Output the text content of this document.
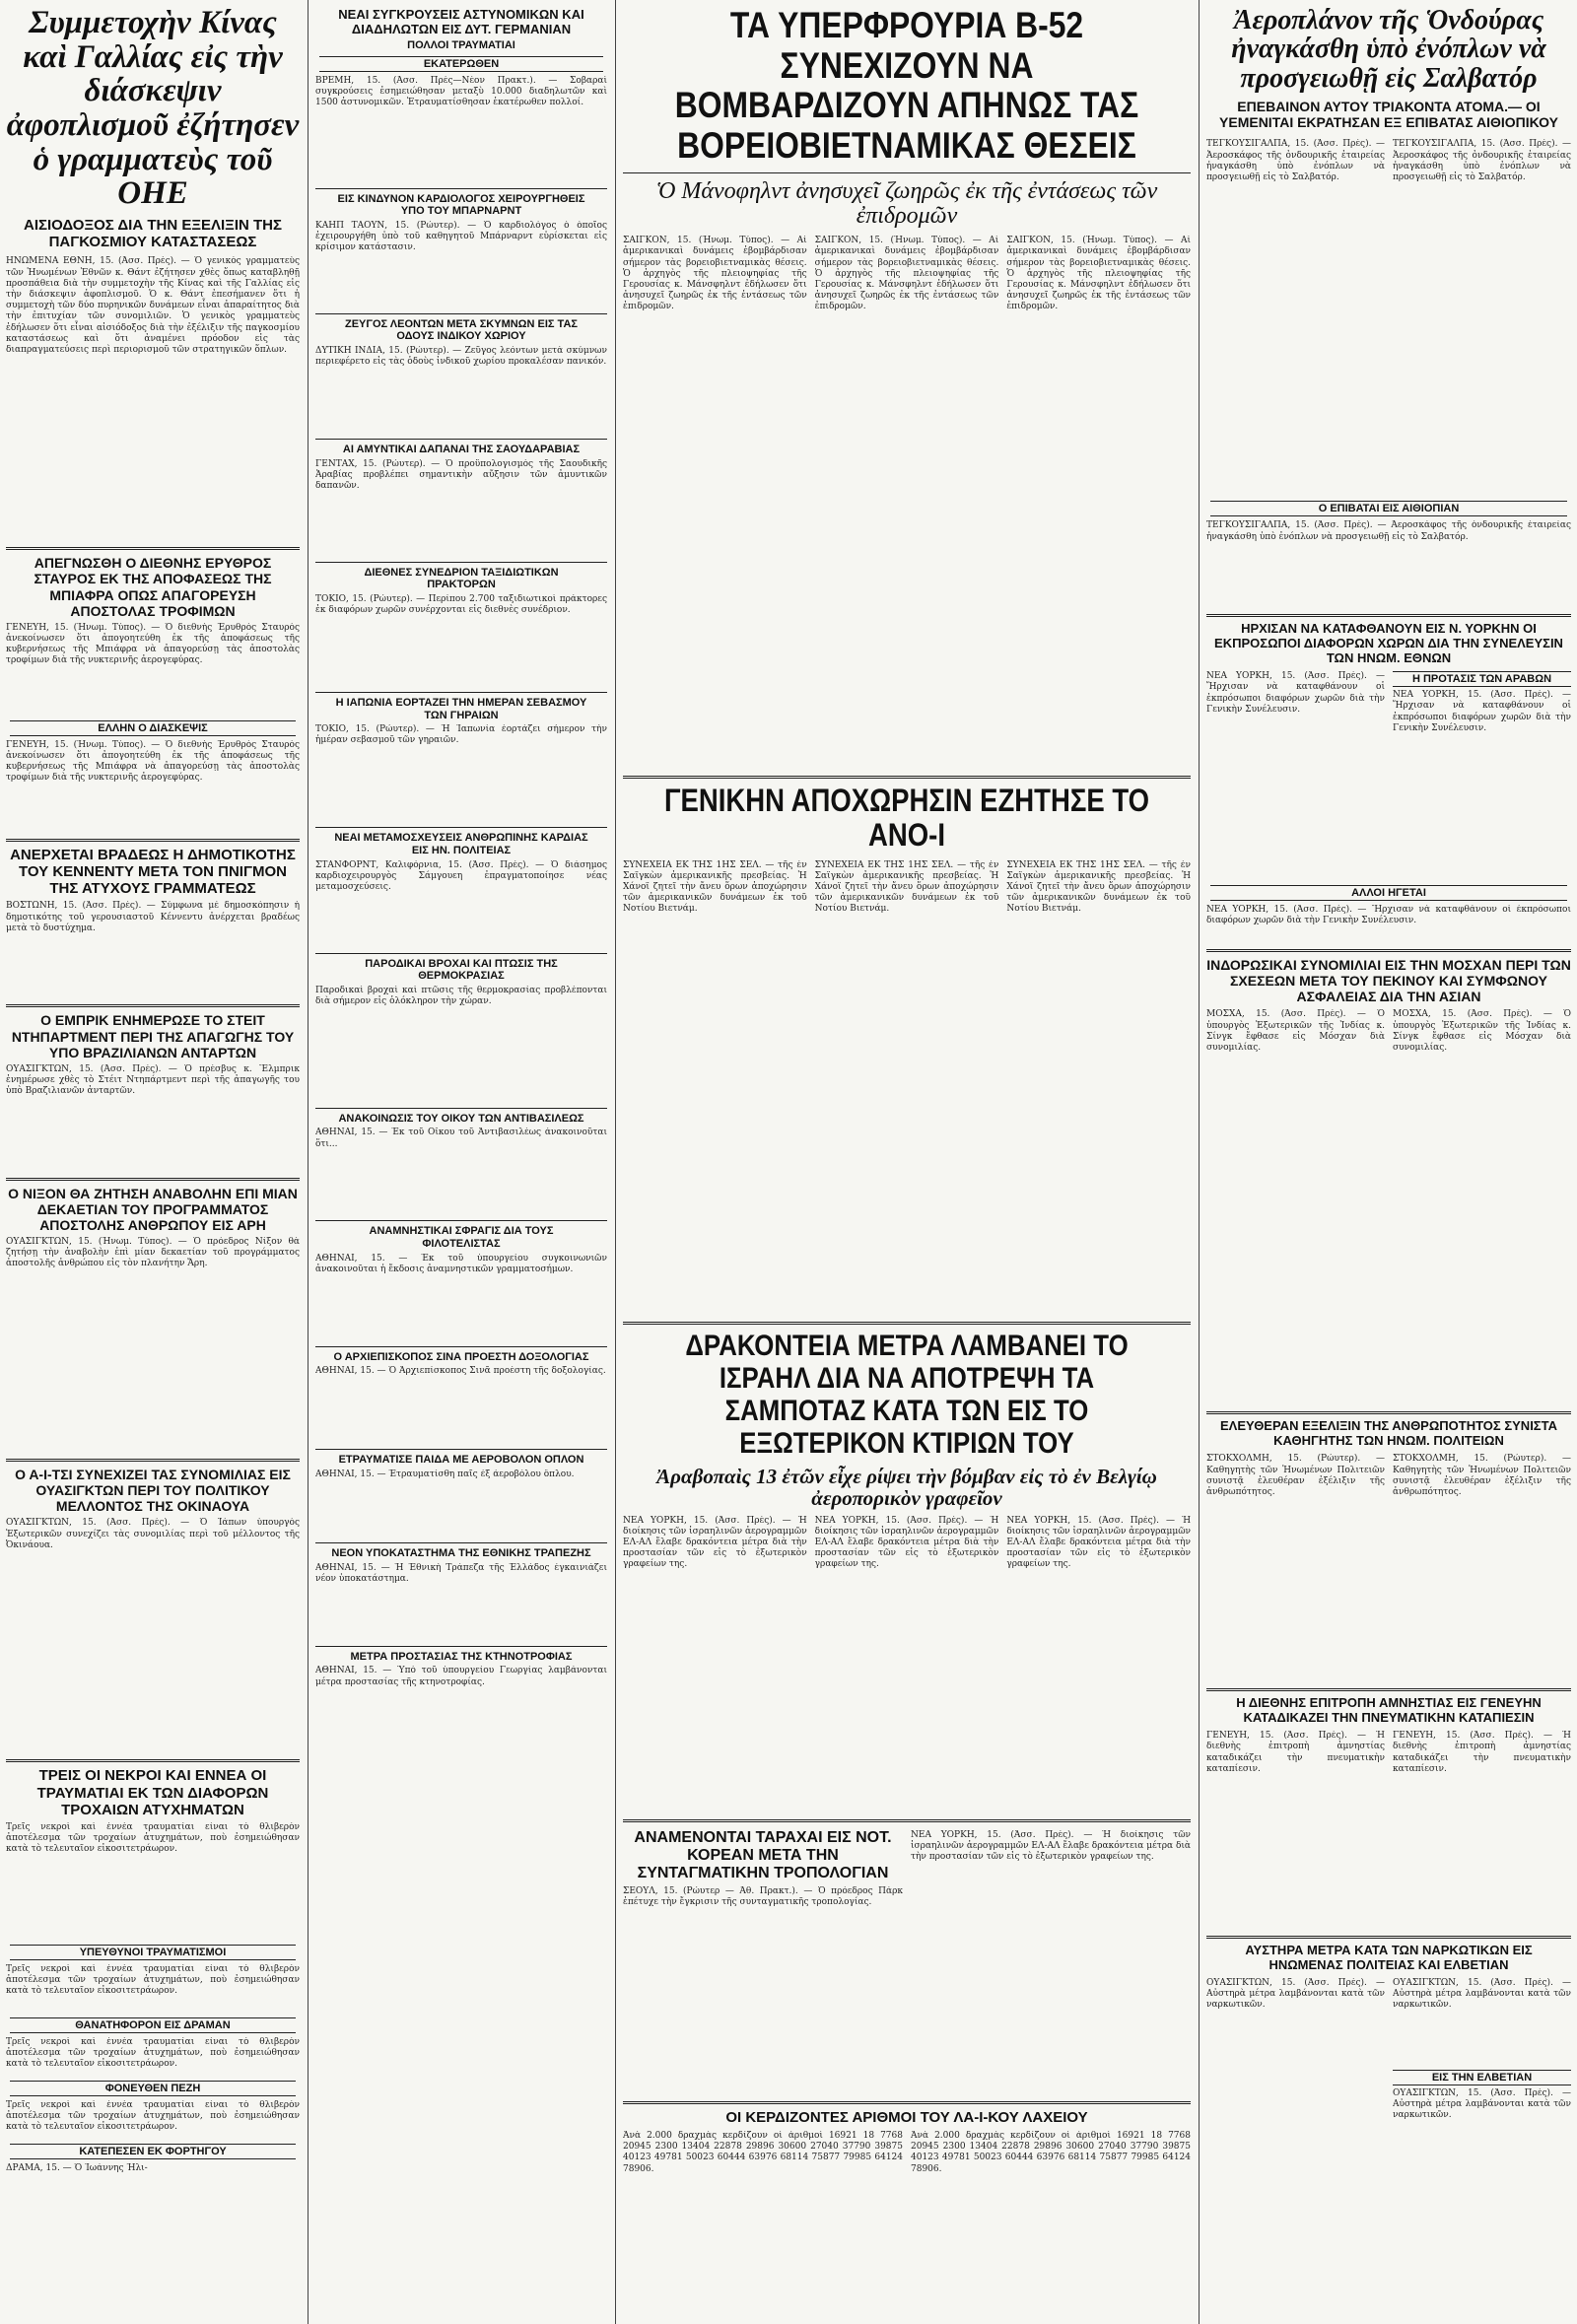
Συμμετοχὴν Κίνας καὶ Γαλλίας εἰς τὴν διάσκεψιν ἀφοπλισμοῦ ἐζήτησεν ὁ γραμματεὺς τοῦ ΟΗΕ
ΑΙΣΙΟΔΟΞΟΣ ΔΙΑ ΤΗΝ ΕΞΕΛΙΞΙΝ ΤΗΣ ΠΑΓΚΟΣΜΙΟΥ ΚΑΤΑΣΤΑΣΕΩΣ
ΗΝΩΜΕΝΑ ΕΘΝΗ, 15. (Ἀσσ. Πρές). — Ὁ γενικὸς γραμματεὺς τῶν Ἡνωμένων Ἐθνῶν κ. Θάντ ἐζήτησεν χθὲς ὅπως καταβληθῇ προσπάθεια διὰ τὴν συμμετοχὴν τῆς Κίνας καὶ τῆς Γαλλίας εἰς τὴν διάσκεψιν ἀφοπλισμοῦ. Ὁ κ. Θάντ ἐπεσήμανεν ὅτι ἡ συμμετοχὴ τῶν δύο πυρηνικῶν δυνάμεων εἶναι ἀπαραίτητος διὰ τὴν ἐπιτυχίαν τῶν συνομιλιῶν. Ὁ γενικὸς γραμματεὺς ἐδήλωσεν ὅτι εἶναι αἰσιόδοξος διὰ τὴν ἐξέλιξιν τῆς παγκοσμίου καταστάσεως καὶ ὅτι ἀναμένει πρόοδον εἰς τὰς διαπραγματεύσεις περὶ περιορισμοῦ τῶν στρατηγικῶν ὅπλων.
ΑΠΕΓΝΩΣΘΗ Ο ΔΙΕΘΝΗΣ ΕΡΥΘΡΟΣ ΣΤΑΥΡΟΣ ΕΚ ΤΗΣ ΑΠΟΦΑΣΕΩΣ ΤΗΣ ΜΠΙΑΦΡΑ ΟΠΩΣ ΑΠΑΓΟΡΕΥΣΗ ΑΠΟΣΤΟΛΑΣ ΤΡΟΦΙΜΩΝ
ΓΕΝΕΥΗ, 15. (Ἠνωμ. Τύπος). — Ὁ διεθνὴς Ἐρυθρὸς Σταυρὸς ἀνεκοίνωσεν ὅτι ἀπογοητεύθη ἐκ τῆς ἀποφάσεως τῆς κυβερνήσεως τῆς Μπιάφρα νὰ ἀπαγορεύσῃ τὰς ἀποστολὰς τροφίμων διὰ τῆς νυκτερινῆς ἀερογεφύρας.
ΕΛΛΗΝ Ο ΔΙΑΣΚΕΨΙΣ
ΓΕΝΕΥΗ, 15. (Ἠνωμ. Τύπος). — Ὁ διεθνὴς Ἐρυθρὸς Σταυρὸς ἀνεκοίνωσεν ὅτι ἀπογοητεύθη ἐκ τῆς ἀποφάσεως τῆς κυβερνήσεως τῆς Μπιάφρα νὰ ἀπαγορεύσῃ τὰς ἀποστολὰς τροφίμων διὰ τῆς νυκτερινῆς ἀερογεφύρας.
ΑΝΕΡΧΕΤΑΙ ΒΡΑΔΕΩΣ Η ΔΗΜΟΤΙΚΟΤΗΣ ΤΟΥ ΚΕΝΝΕΝΤΥ ΜΕΤΑ ΤΟΝ ΠΝΙΓΜΟΝ ΤΗΣ ΑΤΥΧΟΥΣ ΓΡΑΜΜΑΤΕΩΣ
ΒΟΣΤΩΝΗ, 15. (Ἀσσ. Πρές). — Σύμφωνα μὲ δημοσκόπησιν ἡ δημοτικότης τοῦ γερουσιαστοῦ Κέννεντυ ἀνέρχεται βραδέως μετὰ τὸ δυστύχημα.
Ο ΕΜΠΡΙΚ ΕΝΗΜΕΡΩΣΕ ΤΟ ΣΤΕΙΤ ΝΤΗΠΑΡΤΜΕΝΤ ΠΕΡΙ ΤΗΣ ΑΠΑΓΩΓΗΣ ΤΟΥ ΥΠΟ ΒΡΑΖΙΛΙΑΝΩΝ ΑΝΤΑΡΤΩΝ
ΟΥΑΣΙΓΚΤΩΝ, 15. (Ἀσσ. Πρές). — Ὁ πρέσβυς κ. Ἔλμπρικ ἐνημέρωσε χθὲς τὸ Στέιτ Ντηπάρτμεντ περὶ τῆς ἀπαγωγῆς του ὑπὸ Βραζιλιανῶν ἀνταρτῶν.
Ο ΝΙΞΟΝ ΘΑ ΖΗΤΗΣΗ ΑΝΑΒΟΛΗΝ ΕΠΙ ΜΙΑΝ ΔΕΚΑΕΤΙΑΝ ΤΟΥ ΠΡΟΓΡΑΜΜΑΤΟΣ ΑΠΟΣΤΟΛΗΣ ΑΝΘΡΩΠΟΥ ΕΙΣ ΑΡΗ
ΟΥΑΣΙΓΚΤΩΝ, 15. (Ἠνωμ. Τύπος). — Ὁ πρόεδρος Νίξον θὰ ζητήσῃ τὴν ἀναβολὴν ἐπὶ μίαν δεκαετίαν τοῦ προγράμματος ἀποστολῆς ἀνθρώπου εἰς τὸν πλανήτην Ἄρη.
Ο Α-Ι-ΤΣΙ ΣΥΝΕΧΙΖΕΙ ΤΑΣ ΣΥΝΟΜΙΛΙΑΣ ΕΙΣ ΟΥΑΣΙΓΚΤΩΝ ΠΕΡΙ ΤΟΥ ΠΟΛΙΤΙΚΟΥ ΜΕΛΛΟΝΤΟΣ ΤΗΣ ΟΚΙΝΑΟΥΑ
ΟΥΑΣΙΓΚΤΩΝ, 15. (Ἀσσ. Πρές). — Ὁ Ἰάπων ὑπουργὸς Ἐξωτερικῶν συνεχίζει τὰς συνομιλίας περὶ τοῦ μέλλοντος τῆς Ὀκινάουα.
ΤΡΕΙΣ ΟΙ ΝΕΚΡΟΙ ΚΑΙ ΕΝΝΕΑ ΟΙ ΤΡΑΥΜΑΤΙΑΙ ΕΚ ΤΩΝ ΔΙΑΦΟΡΩΝ ΤΡΟΧΑΙΩΝ ΑΤΥΧΗΜΑΤΩΝ
Τρεῖς νεκροὶ καὶ ἐννέα τραυματίαι εἶναι τὸ θλιβερὸν ἀποτέλεσμα τῶν τροχαίων ἀτυχημάτων, ποὺ ἐσημειώθησαν κατὰ τὸ τελευταῖον εἰκοσιτετράωρον.
ΥΠΕΥΘΥΝΟΙ ΤΡΑΥΜΑΤΙΣΜΟΙ
Τρεῖς νεκροὶ καὶ ἐννέα τραυματίαι εἶναι τὸ θλιβερὸν ἀποτέλεσμα τῶν τροχαίων ἀτυχημάτων, ποὺ ἐσημειώθησαν κατὰ τὸ τελευταῖον εἰκοσιτετράωρον.
ΘΑΝΑΤΗΦΟΡΟΝ ΕΙΣ ΔΡΑΜΑΝ
Τρεῖς νεκροὶ καὶ ἐννέα τραυματίαι εἶναι τὸ θλιβερὸν ἀποτέλεσμα τῶν τροχαίων ἀτυχημάτων, ποὺ ἐσημειώθησαν κατὰ τὸ τελευταῖον εἰκοσιτετράωρον.
ΦΟΝΕΥΘΕΝ ΠΕΖΗ
Τρεῖς νεκροὶ καὶ ἐννέα τραυματίαι εἶναι τὸ θλιβερὸν ἀποτέλεσμα τῶν τροχαίων ἀτυχημάτων, ποὺ ἐσημειώθησαν κατὰ τὸ τελευταῖον εἰκοσιτετράωρον.
ΚΑΤΕΠΕΣΕΝ ΕΚ ΦΟΡΤΗΓΟΥ
ΔΡΑΜΑ, 15. — Ὁ Ἰωάννης Ἠλι-
ΝΕΑΙ ΣΥΓΚΡΟΥΣΕΙΣ ΑΣΤΥΝΟΜΙΚΩΝ ΚΑΙ ΔΙΑΔΗΛΩΤΩΝ ΕΙΣ ΔΥΤ. ΓΕΡΜΑΝΙΑΝ
ΠΟΛΛΟΙ ΤΡΑΥΜΑΤΙΑΙ
ΕΚΑΤΕΡΩΘΕΝ
ΒΡΕΜΗ, 15. (Ἀσσ. Πρές—Νέον Πρακτ.). — Σοβαραὶ συγκρούσεις ἐσημειώθησαν μεταξὺ 10.000 διαδηλωτῶν καὶ 1500 ἀστυνομικῶν. Ἐτραυματίσθησαν ἑκατέρωθεν πολλοί.
ΕΙΣ ΚΙΝΔΥΝΟΝ ΚΑΡΔΙΟΛΟΓΟΣ ΧΕΙΡΟΥΡΓΗΘΕΙΣ ΥΠΟ ΤΟΥ ΜΠΑΡΝΑΡΝΤ
ΚΑΗΠ ΤΑΟΥΝ, 15. (Ρώυτερ). — Ὁ καρδιολόγος ὁ ὁποῖος ἐχειρουργήθη ὑπὸ τοῦ καθηγητοῦ Μπάρναρντ εὑρίσκεται εἰς κρίσιμον κατάστασιν.
ΖΕΥΓΟΣ ΛΕΟΝΤΩΝ ΜΕΤΑ ΣΚΥΜΝΩΝ ΕΙΣ ΤΑΣ ΟΔΟΥΣ ΙΝΔΙΚΟΥ ΧΩΡΙΟΥ
ΔΥΤΙΚΗ ΙΝΔΙΑ, 15. (Ρώυτερ). — Ζεῦγος λεόντων μετὰ σκύμνων περιεφέρετο εἰς τὰς ὁδοὺς ἰνδικοῦ χωρίου προκαλέσαν πανικόν.
ΑΙ ΑΜΥΝΤΙΚΑΙ ΔΑΠΑΝΑΙ ΤΗΣ ΣΑΟΥΔΑΡΑΒΙΑΣ
ΓΕΝΤΑΧ, 15. (Ρώυτερ). — Ὁ προϋπολογισμὸς τῆς Σαουδικῆς Ἀραβίας προβλέπει σημαντικὴν αὔξησιν τῶν ἀμυντικῶν δαπανῶν.
ΔΙΕΘΝΕΣ ΣΥΝΕΔΡΙΟΝ ΤΑΞΙΔΙΩΤΙΚΩΝ ΠΡΑΚΤΟΡΩΝ
ΤΟΚΙΟ, 15. (Ρώυτερ). — Περίπου 2.700 ταξιδιωτικοὶ πράκτορες ἐκ διαφόρων χωρῶν συνέρχονται εἰς διεθνὲς συνέδριον.
Η ΙΑΠΩΝΙΑ ΕΟΡΤΑΖΕΙ ΤΗΝ ΗΜΕΡΑΝ ΣΕΒΑΣΜΟΥ ΤΩΝ ΓΗΡΑΙΩΝ
ΤΟΚΙΟ, 15. (Ρώυτερ). — Ἡ Ἰαπωνία ἑορτάζει σήμερον τὴν ἡμέραν σεβασμοῦ τῶν γηραιῶν.
ΝΕΑΙ ΜΕΤΑΜΟΣΧΕΥΣΕΙΣ ΑΝΘΡΩΠΙΝΗΣ ΚΑΡΔΙΑΣ ΕΙΣ ΗΝ. ΠΟΛΙΤΕΙΑΣ
ΣΤΑΝΦΟΡΝΤ, Καλιφόρνια, 15. (Ἀσσ. Πρές). — Ὁ διάσημος καρδιοχειρουργὸς Σάμγουεη ἐπραγματοποίησε νέας μεταμοσχεύσεις.
ΠΑΡΟΔΙΚΑΙ ΒΡΟΧΑΙ ΚΑΙ ΠΤΩΣΙΣ ΤΗΣ ΘΕΡΜΟΚΡΑΣΙΑΣ
Παροδικαὶ βροχαὶ καὶ πτῶσις τῆς θερμοκρασίας προβλέπονται διὰ σήμερον εἰς ὁλόκληρον τὴν χώραν.
ΑΝΑΚΟΙΝΩΣΙΣ ΤΟΥ ΟΙΚΟΥ ΤΩΝ ΑΝΤΙΒΑΣΙΛΕΩΣ
ΑΘΗΝΑΙ, 15. — Ἐκ τοῦ Οἴκου τοῦ Ἀντιβασιλέως ἀνακοινοῦται ὅτι...
ΑΝΑΜΝΗΣΤΙΚΑΙ ΣΦΡΑΓΙΣ ΔΙΑ ΤΟΥΣ ΦΙΛΟΤΕΛΙΣΤΑΣ
ΑΘΗΝΑΙ, 15. — Ἐκ τοῦ ὑπουργείου συγκοινωνιῶν ἀνακοινοῦται ἡ ἔκδοσις ἀναμνηστικῶν γραμματοσήμων.
Ο ΑΡΧΙΕΠΙΣΚΟΠΟΣ ΣΙΝΑ ΠΡΟΕΣΤΗ ΔΟΞΟΛΟΓΙΑΣ
ΑΘΗΝΑΙ, 15. — Ὁ Ἀρχιεπίσκοπος Σινᾶ προέστη τῆς δοξολογίας.
ΕΤΡΑΥΜΑΤΙΣΕ ΠΑΙΔΑ ΜΕ ΑΕΡΟΒΟΛΟΝ ΟΠΛΟΝ
ΑΘΗΝΑΙ, 15. — Ἐτραυματίσθη παῖς ἐξ ἀεροβόλου ὅπλου.
ΝΕΟΝ ΥΠΟΚΑΤΑΣΤΗΜΑ ΤΗΣ ΕΘΝΙΚΗΣ ΤΡΑΠΕΖΗΣ
ΑΘΗΝΑΙ, 15. — Ἡ Ἐθνικὴ Τράπεζα τῆς Ἑλλάδος ἐγκαινιάζει νέον ὑποκατάστημα.
ΜΕΤΡΑ ΠΡΟΣΤΑΣΙΑΣ ΤΗΣ ΚΤΗΝΟΤΡΟΦΙΑΣ
ΑΘΗΝΑΙ, 15. — Ὑπὸ τοῦ ὑπουργείου Γεωργίας λαμβάνονται μέτρα προστασίας τῆς κτηνοτροφίας.
ΤΑ ΥΠΕΡΦΡΟΥΡΙΑ Β-52 ΣΥΝΕΧΙΖΟΥΝ ΝΑ ΒΟΜΒΑΡΔΙΖΟΥΝ ΑΠΗΝΩΣ ΤΑΣ ΒΟΡΕΙΟΒΙΕΤΝΑΜΙΚΑΣ ΘΕΣΕΙΣ
Ὁ Μάνοφηλντ ἀνησυχεῖ ζωηρῶς ἐκ τῆς ἐντάσεως τῶν ἐπιδρομῶν
ΣΑΙΓΚΟΝ, 15. (Ἠνωμ. Τύπος). — Αἱ ἀμερικανικαὶ δυνάμεις ἐβομβάρδισαν σήμερον τὰς βορειοβιετναμικὰς θέσεις. Ὁ ἀρχηγὸς τῆς πλειοψηφίας τῆς Γερουσίας κ. Μάνσφηλντ ἐδήλωσεν ὅτι ἀνησυχεῖ ζωηρῶς ἐκ τῆς ἐντάσεως τῶν ἐπιδρομῶν.
ΣΑΙΓΚΟΝ, 15. (Ἠνωμ. Τύπος). — Αἱ ἀμερικανικαὶ δυνάμεις ἐβομβάρδισαν σήμερον τὰς βορειοβιετναμικὰς θέσεις. Ὁ ἀρχηγὸς τῆς πλειοψηφίας τῆς Γερουσίας κ. Μάνσφηλντ ἐδήλωσεν ὅτι ἀνησυχεῖ ζωηρῶς ἐκ τῆς ἐντάσεως τῶν ἐπιδρομῶν.
ΣΑΙΓΚΟΝ, 15. (Ἠνωμ. Τύπος). — Αἱ ἀμερικανικαὶ δυνάμεις ἐβομβάρδισαν σήμερον τὰς βορειοβιετναμικὰς θέσεις. Ὁ ἀρχηγὸς τῆς πλειοψηφίας τῆς Γερουσίας κ. Μάνσφηλντ ἐδήλωσεν ὅτι ἀνησυχεῖ ζωηρῶς ἐκ τῆς ἐντάσεως τῶν ἐπιδρομῶν.
ΓΕΝΙΚΗΝ ΑΠΟΧΩΡΗΣΙΝ ΕΖΗΤΗΣΕ ΤΟ ΑΝΟ-Ι
ΣΥΝΕΧΕΙΑ ΕΚ ΤΗΣ 1ΗΣ ΣΕΛ. — τῆς ἐν Σαϊγκὼν ἀμερικανικῆς πρεσβείας. Ἡ Χάνοϊ ζητεῖ τὴν ἄνευ ὅρων ἀποχώρησιν τῶν ἀμερικανικῶν δυνάμεων ἐκ τοῦ Νοτίου Βιετνάμ.
ΣΥΝΕΧΕΙΑ ΕΚ ΤΗΣ 1ΗΣ ΣΕΛ. — τῆς ἐν Σαϊγκὼν ἀμερικανικῆς πρεσβείας. Ἡ Χάνοϊ ζητεῖ τὴν ἄνευ ὅρων ἀποχώρησιν τῶν ἀμερικανικῶν δυνάμεων ἐκ τοῦ Νοτίου Βιετνάμ.
ΣΥΝΕΧΕΙΑ ΕΚ ΤΗΣ 1ΗΣ ΣΕΛ. — τῆς ἐν Σαϊγκὼν ἀμερικανικῆς πρεσβείας. Ἡ Χάνοϊ ζητεῖ τὴν ἄνευ ὅρων ἀποχώρησιν τῶν ἀμερικανικῶν δυνάμεων ἐκ τοῦ Νοτίου Βιετνάμ.
ΔΡΑΚΟΝΤΕΙΑ ΜΕΤΡΑ ΛΑΜΒΑΝΕΙ ΤΟ ΙΣΡΑΗΛ ΔΙΑ ΝΑ ΑΠΟΤΡΕΨΗ ΤΑ ΣΑΜΠΟΤΑΖ ΚΑΤΑ ΤΩΝ ΕΙΣ ΤΟ ΕΞΩΤΕΡΙΚΟΝ ΚΤΙΡΙΩΝ ΤΟΥ
Ἀραβοπαὶς 13 ἐτῶν εἶχε ρίψει τὴν βόμβαν εἰς τὸ ἐν Βελγίῳ ἀεροπορικὸν γραφεῖον
ΝΕΑ ΥΟΡΚΗ, 15. (Ἀσσ. Πρές). — Ἡ διοίκησις τῶν ἰσραηλινῶν ἀερογραμμῶν ΕΛ-ΑΛ ἔλαβε δρακόντεια μέτρα διὰ τὴν προστασίαν τῶν εἰς τὸ ἐξωτερικὸν γραφείων της.
ΝΕΑ ΥΟΡΚΗ, 15. (Ἀσσ. Πρές). — Ἡ διοίκησις τῶν ἰσραηλινῶν ἀερογραμμῶν ΕΛ-ΑΛ ἔλαβε δρακόντεια μέτρα διὰ τὴν προστασίαν τῶν εἰς τὸ ἐξωτερικὸν γραφείων της.
ΝΕΑ ΥΟΡΚΗ, 15. (Ἀσσ. Πρές). — Ἡ διοίκησις τῶν ἰσραηλινῶν ἀερογραμμῶν ΕΛ-ΑΛ ἔλαβε δρακόντεια μέτρα διὰ τὴν προστασίαν τῶν εἰς τὸ ἐξωτερικὸν γραφείων της.
ΑΝΑΜΕΝΟΝΤΑΙ ΤΑΡΑΧΑΙ ΕΙΣ ΝΟΤ. ΚΟΡΕΑΝ ΜΕΤΑ ΤΗΝ ΣΥΝΤΑΓΜΑΤΙΚΗΝ ΤΡΟΠΟΛΟΓΙΑΝ
ΣΕΟΥΛ, 15. (Ρώυτερ — Ἀθ. Πρακτ.). — Ὁ πρόεδρος Πάρκ ἐπέτυχε τὴν ἔγκρισιν τῆς συνταγματικῆς τροπολογίας.
ΝΕΑ ΥΟΡΚΗ, 15. (Ἀσσ. Πρές). — Ἡ διοίκησις τῶν ἰσραηλινῶν ἀερογραμμῶν ΕΛ-ΑΛ ἔλαβε δρακόντεια μέτρα διὰ τὴν προστασίαν τῶν εἰς τὸ ἐξωτερικὸν γραφείων της.
ΟΙ ΚΕΡΔΙΖΟΝΤΕΣ ΑΡΙΘΜΟΙ ΤΟΥ ΛΑ-Ι-ΚΟΥ ΛΑΧΕΙΟΥ
Ἀνὰ 2.000 δραχμὰς κερδίζουν οἱ ἀριθμοὶ 16921 18 7768 20945 2300 13404 22878 29896 30600 27040 37790 39875 40123 49781 50023 60444 63976 68114 75877 79985 64124 78906.
Ἀνὰ 2.000 δραχμὰς κερδίζουν οἱ ἀριθμοὶ 16921 18 7768 20945 2300 13404 22878 29896 30600 27040 37790 39875 40123 49781 50023 60444 63976 68114 75877 79985 64124 78906.
Ἀεροπλάνον τῆς Ὁνδούρας ἠναγκάσθη ὑπὸ ἐνόπλων νὰ προσγειωθῇ εἰς Σαλβατόρ
ΕΠΕΒΑΙΝΟΝ ΑΥΤΟΥ ΤΡΙΑΚΟΝΤΑ ΑΤΟΜΑ.— ΟΙ ΥΕΜΕΝΙΤΑΙ ΕΚΡΑΤΗΣΑΝ ΕΞ ΕΠΙΒΑΤΑΣ ΑΙΘΙΟΠΙΚΟΥ
ΤΕΓΚΟΥΣΙΓΑΛΠΑ, 15. (Ἀσσ. Πρές). — Ἀεροσκάφος τῆς ὀνδουρικῆς ἑταιρείας ἠναγκάσθη ὑπὸ ἐνόπλων νὰ προσγειωθῇ εἰς τὸ Σαλβατόρ.
ΤΕΓΚΟΥΣΙΓΑΛΠΑ, 15. (Ἀσσ. Πρές). — Ἀεροσκάφος τῆς ὀνδουρικῆς ἑταιρείας ἠναγκάσθη ὑπὸ ἐνόπλων νὰ προσγειωθῇ εἰς τὸ Σαλβατόρ.
Ο ΕΠΙΒΑΤΑΙ ΕΙΣ ΑΙΘΙΟΠΙΑΝ
ΤΕΓΚΟΥΣΙΓΑΛΠΑ, 15. (Ἀσσ. Πρές). — Ἀεροσκάφος τῆς ὀνδουρικῆς ἑταιρείας ἠναγκάσθη ὑπὸ ἐνόπλων νὰ προσγειωθῇ εἰς τὸ Σαλβατόρ.
ΗΡΧΙΣΑΝ ΝΑ ΚΑΤΑΦΘΑΝΟΥΝ ΕΙΣ Ν. ΥΟΡΚΗΝ ΟΙ ΕΚΠΡΟΣΩΠΟΙ ΔΙΑΦΟΡΩΝ ΧΩΡΩΝ ΔΙΑ ΤΗΝ ΣΥΝΕΛΕΥΣΙΝ ΤΩΝ ΗΝΩΜ. ΕΘΝΩΝ
ΝΕΑ ΥΟΡΚΗ, 15. (Ἀσσ. Πρές). — Ἤρχισαν νὰ καταφθάνουν οἱ ἐκπρόσωποι διαφόρων χωρῶν διὰ τὴν Γενικὴν Συνέλευσιν.
Η ΠΡΟΤΑΣΙΣ ΤΩΝ ΑΡΑΒΩΝ
ΝΕΑ ΥΟΡΚΗ, 15. (Ἀσσ. Πρές). — Ἤρχισαν νὰ καταφθάνουν οἱ ἐκπρόσωποι διαφόρων χωρῶν διὰ τὴν Γενικὴν Συνέλευσιν.
ΑΛΛΟΙ ΗΓΕΤΑΙ
ΝΕΑ ΥΟΡΚΗ, 15. (Ἀσσ. Πρές). — Ἤρχισαν νὰ καταφθάνουν οἱ ἐκπρόσωποι διαφόρων χωρῶν διὰ τὴν Γενικὴν Συνέλευσιν.
ΙΝΔΟΡΩΣΙΚΑΙ ΣΥΝΟΜΙΛΙΑΙ ΕΙΣ ΤΗΝ ΜΟΣΧΑΝ ΠΕΡΙ ΤΩΝ ΣΧΕΣΕΩΝ ΜΕΤΑ ΤΟΥ ΠΕΚΙΝΟΥ ΚΑΙ ΣΥΜΦΩΝΟΥ ΑΣΦΑΛΕΙΑΣ ΔΙΑ ΤΗΝ ΑΣΙΑΝ
ΜΟΣΧΑ, 15. (Ἀσσ. Πρές). — Ὁ ὑπουργὸς Ἐξωτερικῶν τῆς Ἰνδίας κ. Σίνγκ ἔφθασε εἰς Μόσχαν διὰ συνομιλίας.
ΜΟΣΧΑ, 15. (Ἀσσ. Πρές). — Ὁ ὑπουργὸς Ἐξωτερικῶν τῆς Ἰνδίας κ. Σίνγκ ἔφθασε εἰς Μόσχαν διὰ συνομιλίας.
ΕΛΕΥΘΕΡΑΝ ΕΞΕΛΙΞΙΝ ΤΗΣ ΑΝΘΡΩΠΟΤΗΤΟΣ ΣΥΝΙΣΤΑ ΚΑΘΗΓΗΤΗΣ ΤΩΝ ΗΝΩΜ. ΠΟΛΙΤΕΙΩΝ
ΣΤΟΚΧΟΛΜΗ, 15. (Ρώυτερ). — Καθηγητὴς τῶν Ἡνωμένων Πολιτειῶν συνιστᾷ ἐλευθέραν ἐξέλιξιν τῆς ἀνθρωπότητος.
ΣΤΟΚΧΟΛΜΗ, 15. (Ρώυτερ). — Καθηγητὴς τῶν Ἡνωμένων Πολιτειῶν συνιστᾷ ἐλευθέραν ἐξέλιξιν τῆς ἀνθρωπότητος.
Η ΔΙΕΘΝΗΣ ΕΠΙΤΡΟΠΗ ΑΜΝΗΣΤΙΑΣ ΕΙΣ ΓΕΝΕΥΗΝ ΚΑΤΑΔΙΚΑΖΕΙ ΤΗΝ ΠΝΕΥΜΑΤΙΚΗΝ ΚΑΤΑΠΙΕΣΙΝ
ΓΕΝΕΥΗ, 15. (Ἀσσ. Πρές). — Ἡ διεθνὴς ἐπιτροπὴ ἀμνηστίας καταδικάζει τὴν πνευματικὴν καταπίεσιν.
ΓΕΝΕΥΗ, 15. (Ἀσσ. Πρές). — Ἡ διεθνὴς ἐπιτροπὴ ἀμνηστίας καταδικάζει τὴν πνευματικὴν καταπίεσιν.
ΑΥΣΤΗΡΑ ΜΕΤΡΑ ΚΑΤΑ ΤΩΝ ΝΑΡΚΩΤΙΚΩΝ ΕΙΣ ΗΝΩΜΕΝΑΣ ΠΟΛΙΤΕΙΑΣ ΚΑΙ ΕΛΒΕΤΙΑΝ
ΟΥΑΣΙΓΚΤΩΝ, 15. (Ἀσσ. Πρές). — Αὐστηρὰ μέτρα λαμβάνονται κατὰ τῶν ναρκωτικῶν.
ΟΥΑΣΙΓΚΤΩΝ, 15. (Ἀσσ. Πρές). — Αὐστηρὰ μέτρα λαμβάνονται κατὰ τῶν ναρκωτικῶν.
ΕΙΣ ΤΗΝ ΕΛΒΕΤΙΑΝ
ΟΥΑΣΙΓΚΤΩΝ, 15. (Ἀσσ. Πρές). — Αὐστηρὰ μέτρα λαμβάνονται κατὰ τῶν ναρκωτικῶν.
